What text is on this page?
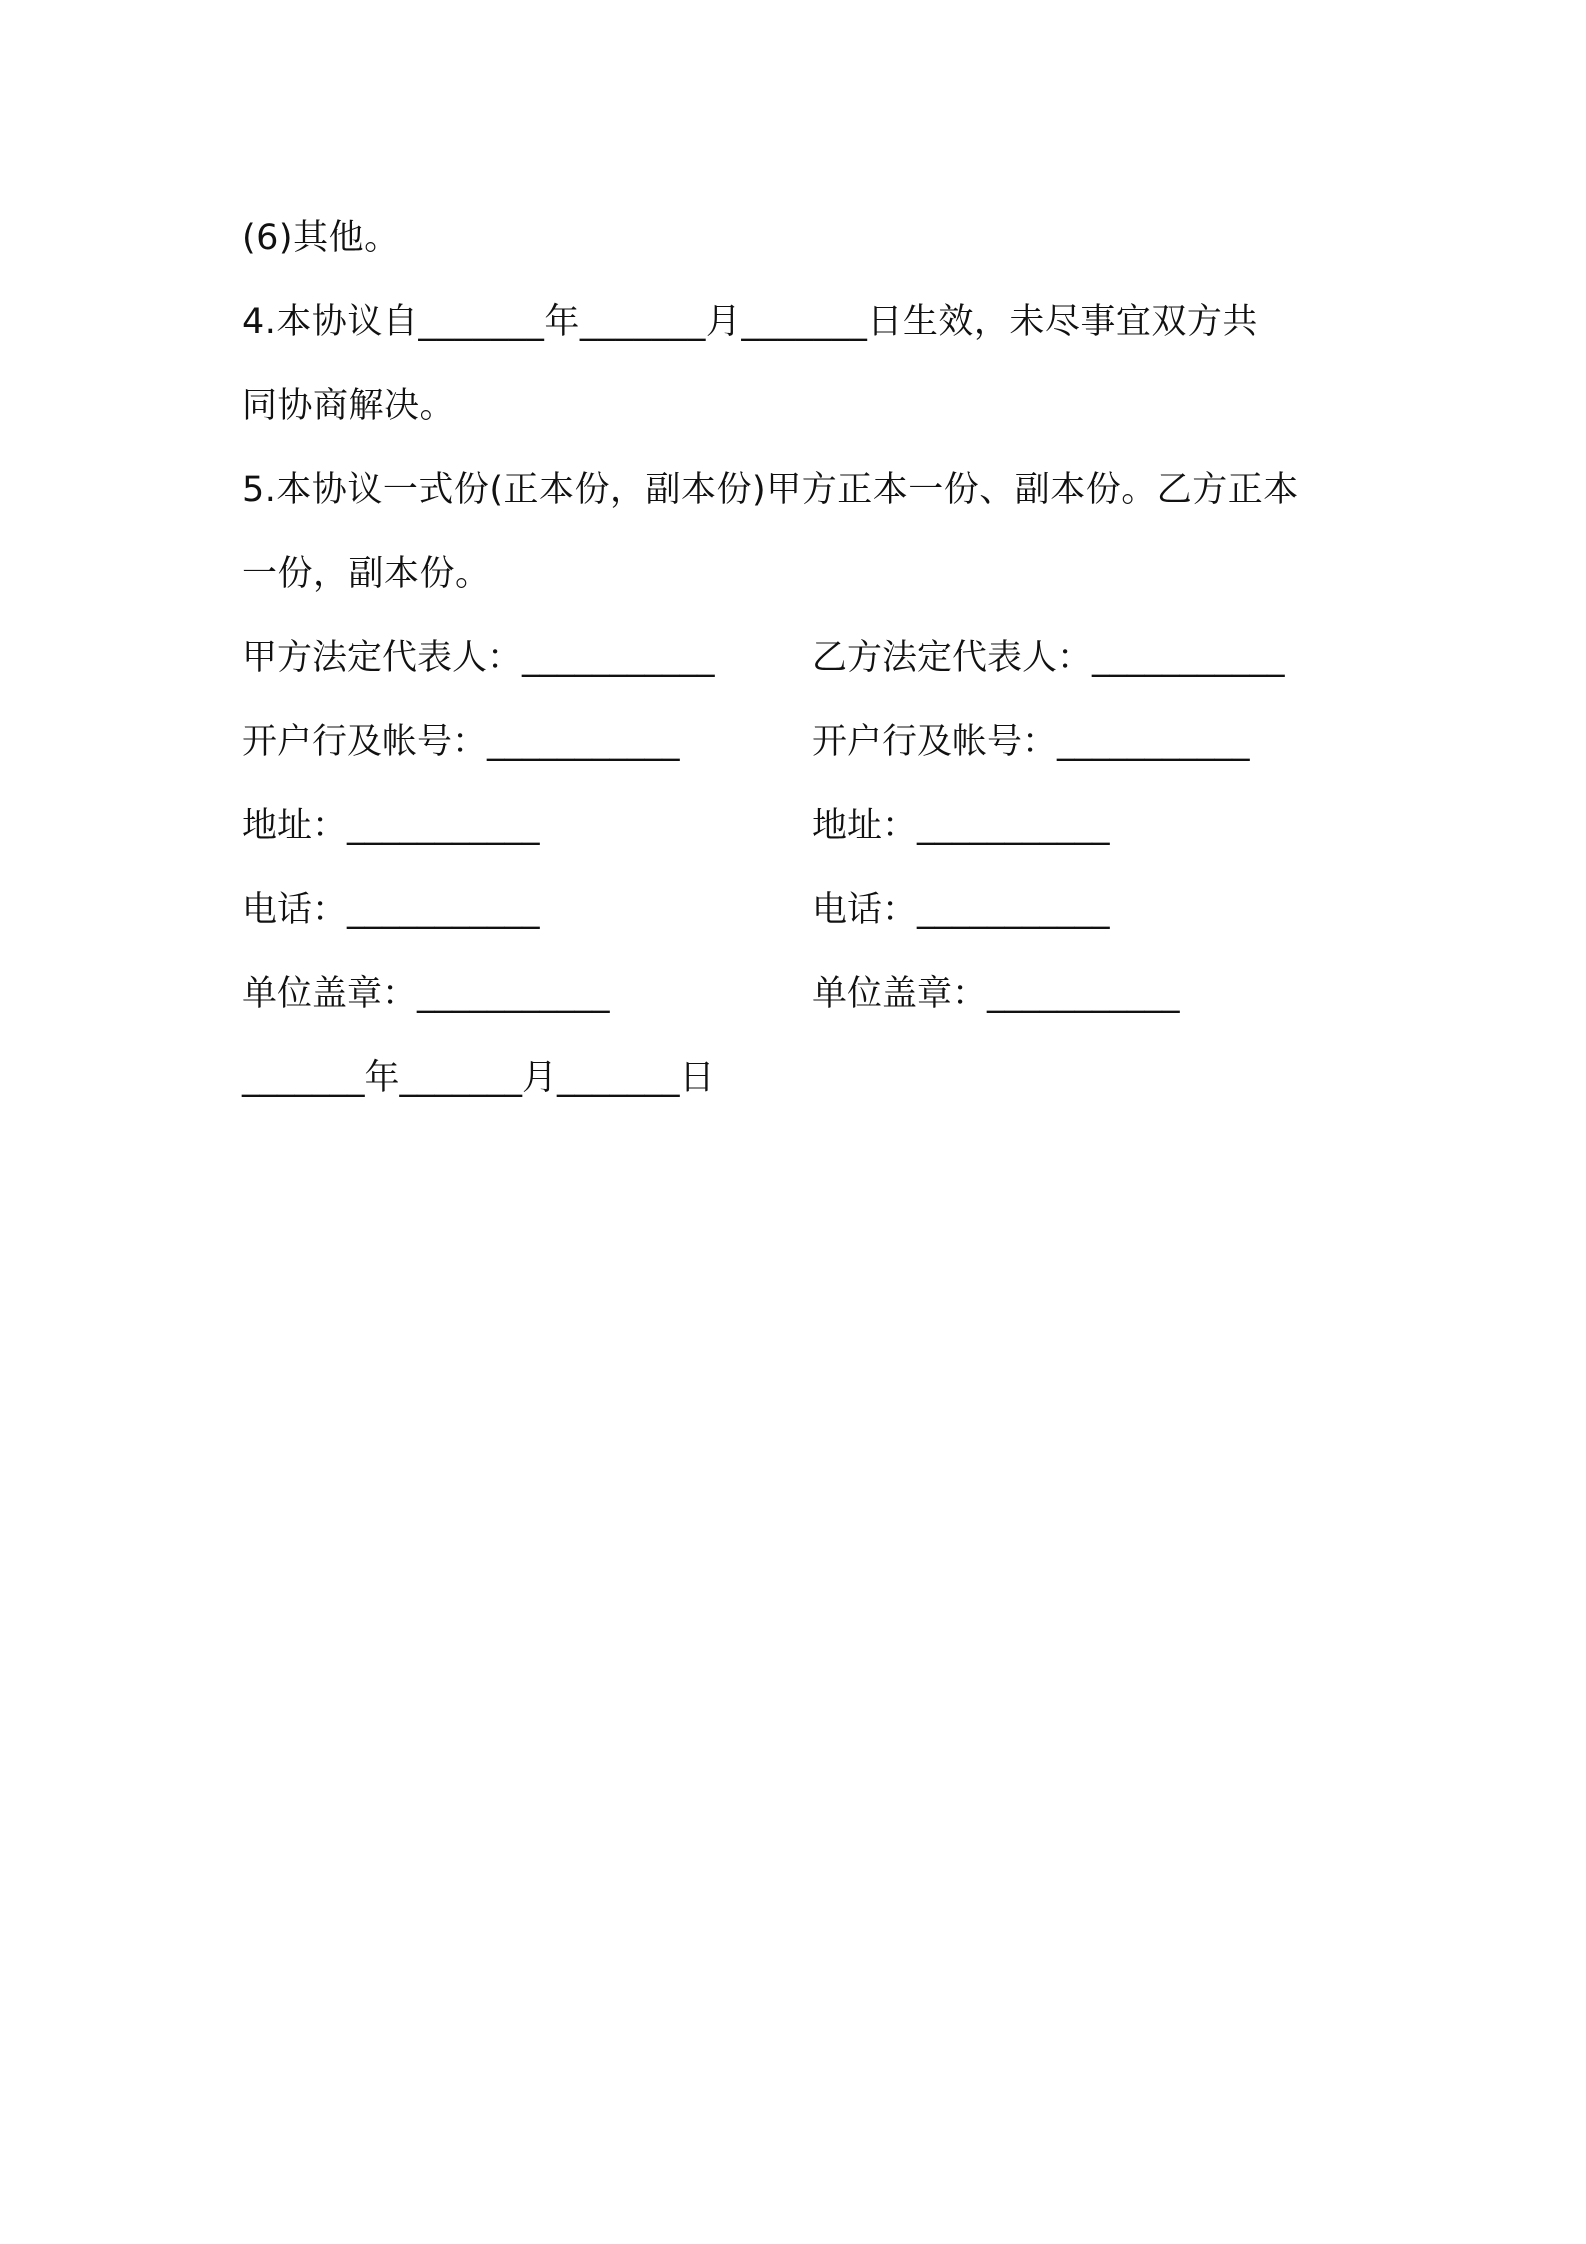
(6)其他。
4.本协议自_______年_______月_______日生效，未尽事宜双方共
同协商解决。
5.本协议一式份(正本份，副本份)甲方正本一份、副本份。乙方正本
一份，副本份。
甲方法定代表人：___________	乙方法定代表人：___________
开户行及帐号：___________	开户行及帐号：___________
地址：___________	地址：___________
电话：___________	电话：___________
单位盖章：___________	单位盖章：___________
_______年_______月_______日
